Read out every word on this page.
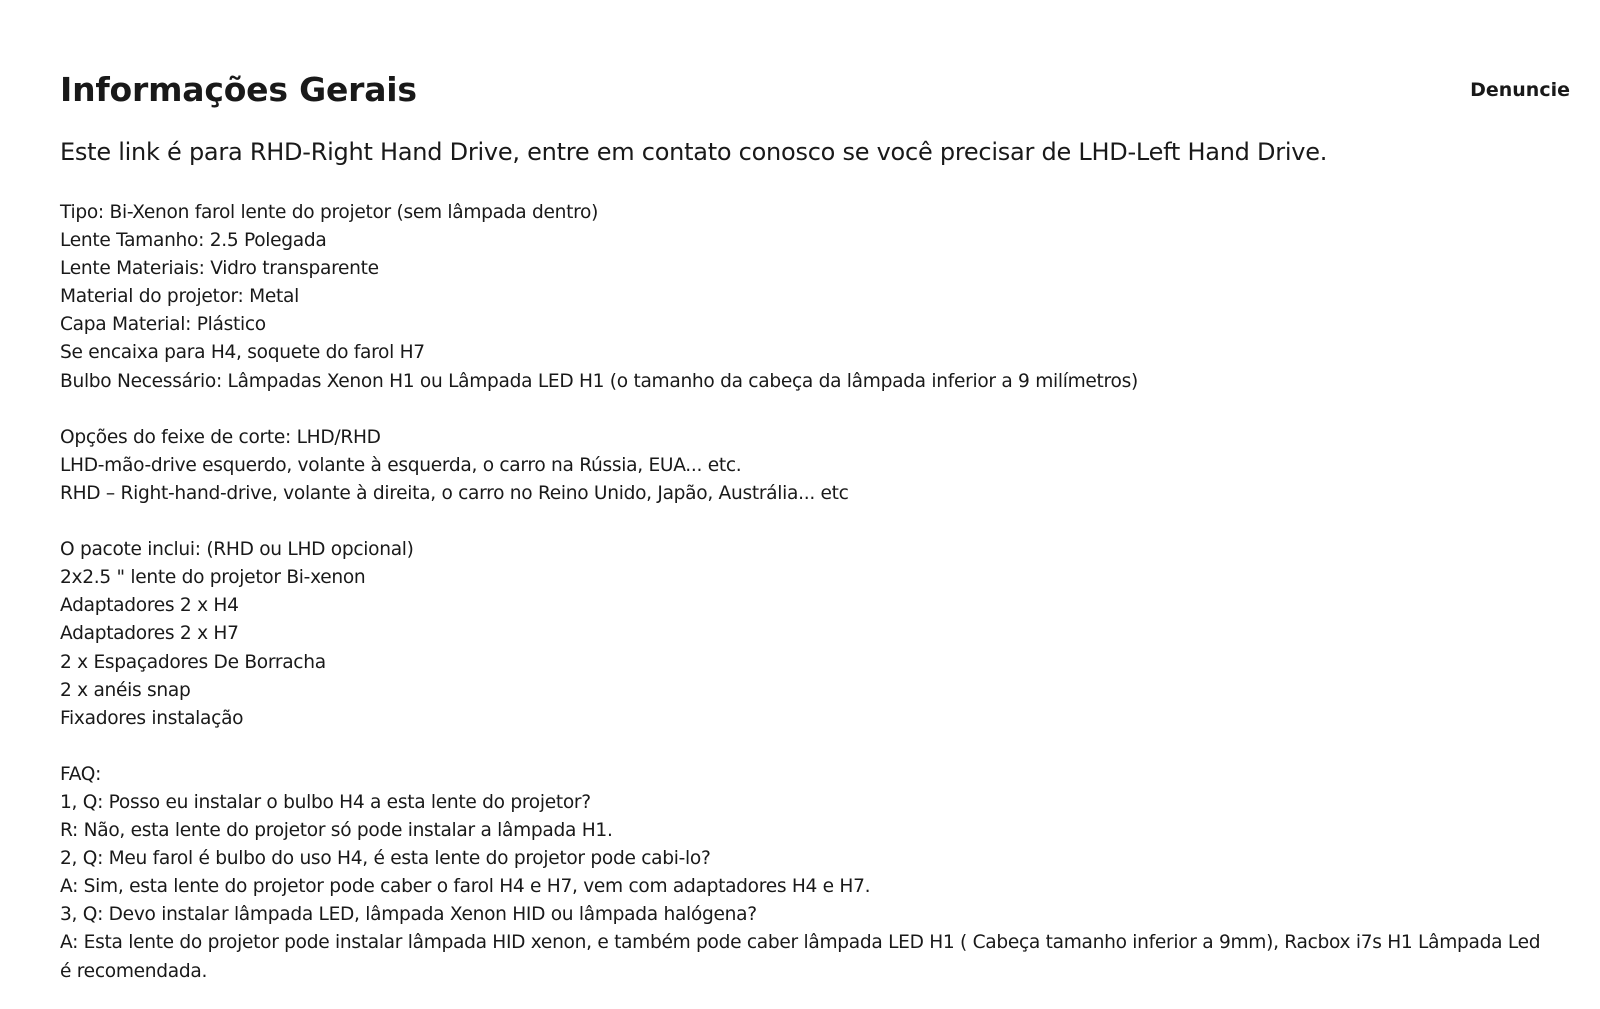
Informações Gerais	Denuncie

Este link é para RHD-Right Hand Drive, entre em contato conosco se você precisar de LHD-Left Hand Drive.

Tipo: Bi-Xenon farol lente do projetor (sem lâmpada dentro)
Lente Tamanho: 2.5 Polegada
Lente Materiais: Vidro transparente
Material do projetor: Metal
Capa Material: Plástico
Se encaixa para H4, soquete do farol H7
Bulbo Necessário: Lâmpadas Xenon H1 ou Lâmpada LED H1 (o tamanho da cabeça da lâmpada inferior a 9 milímetros)
Opções do feixe de corte: LHD/RHD
LHD-mão-drive esquerdo, volante à esquerda, o carro na Rússia, EUA... etc.
RHD – Right-hand-drive, volante à direita, o carro no Reino Unido, Japão, Austrália... etc
O pacote inclui: (RHD ou LHD opcional)
2x2.5 " lente do projetor Bi-xenon
Adaptadores 2 x H4
Adaptadores 2 x H7
2 x Espaçadores De Borracha
2 x anéis snap
Fixadores instalação
FAQ:
1, Q: Posso eu instalar o bulbo H4 a esta lente do projetor?
R: Não, esta lente do projetor só pode instalar a lâmpada H1.
2, Q: Meu farol é bulbo do uso H4, é esta lente do projetor pode cabi-lo?
A: Sim, esta lente do projetor pode caber o farol H4 e H7, vem com adaptadores H4 e H7.
3, Q: Devo instalar lâmpada LED, lâmpada Xenon HID ou lâmpada halógena?
A: Esta lente do projetor pode instalar lâmpada HID xenon, e também pode caber lâmpada LED H1 ( Cabeça tamanho inferior a 9mm), Racbox i7s H1 Lâmpada Led é recomendada.
